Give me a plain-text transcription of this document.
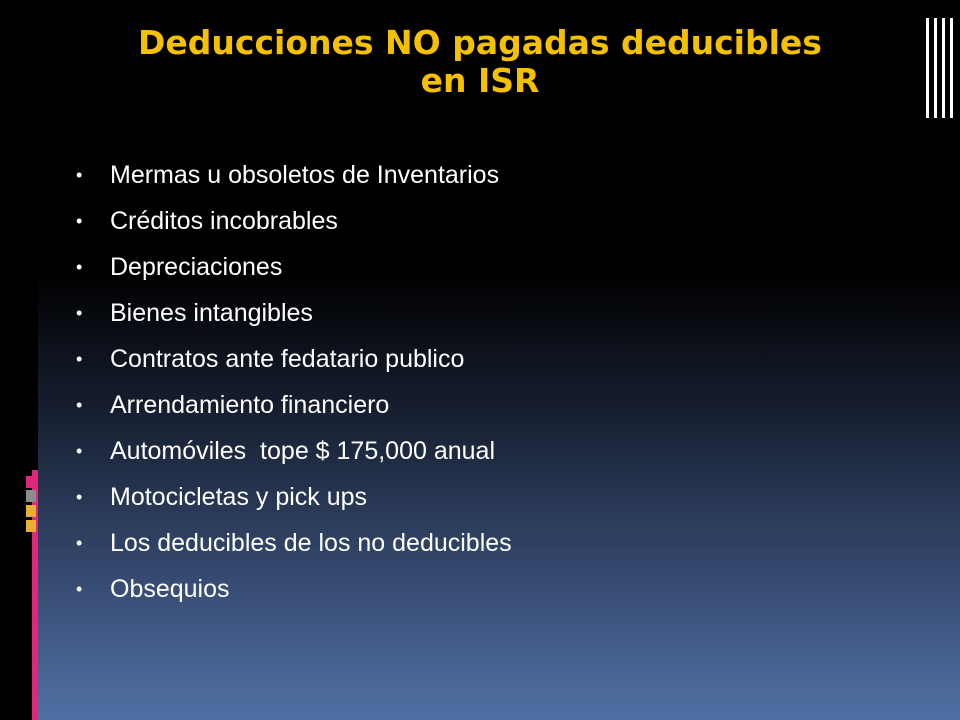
Deducciones NO pagadas deducibles
en ISR
• Mermas u obsoletos de Inventarios
• Créditos incobrables
• Depreciaciones
• Bienes intangibles
• Contratos ante fedatario publico
• Arrendamiento financiero
• Automóviles  tope $ 175,000 anual
• Motocicletas y pick ups
• Los deducibles de los no deducibles
• Obsequios
